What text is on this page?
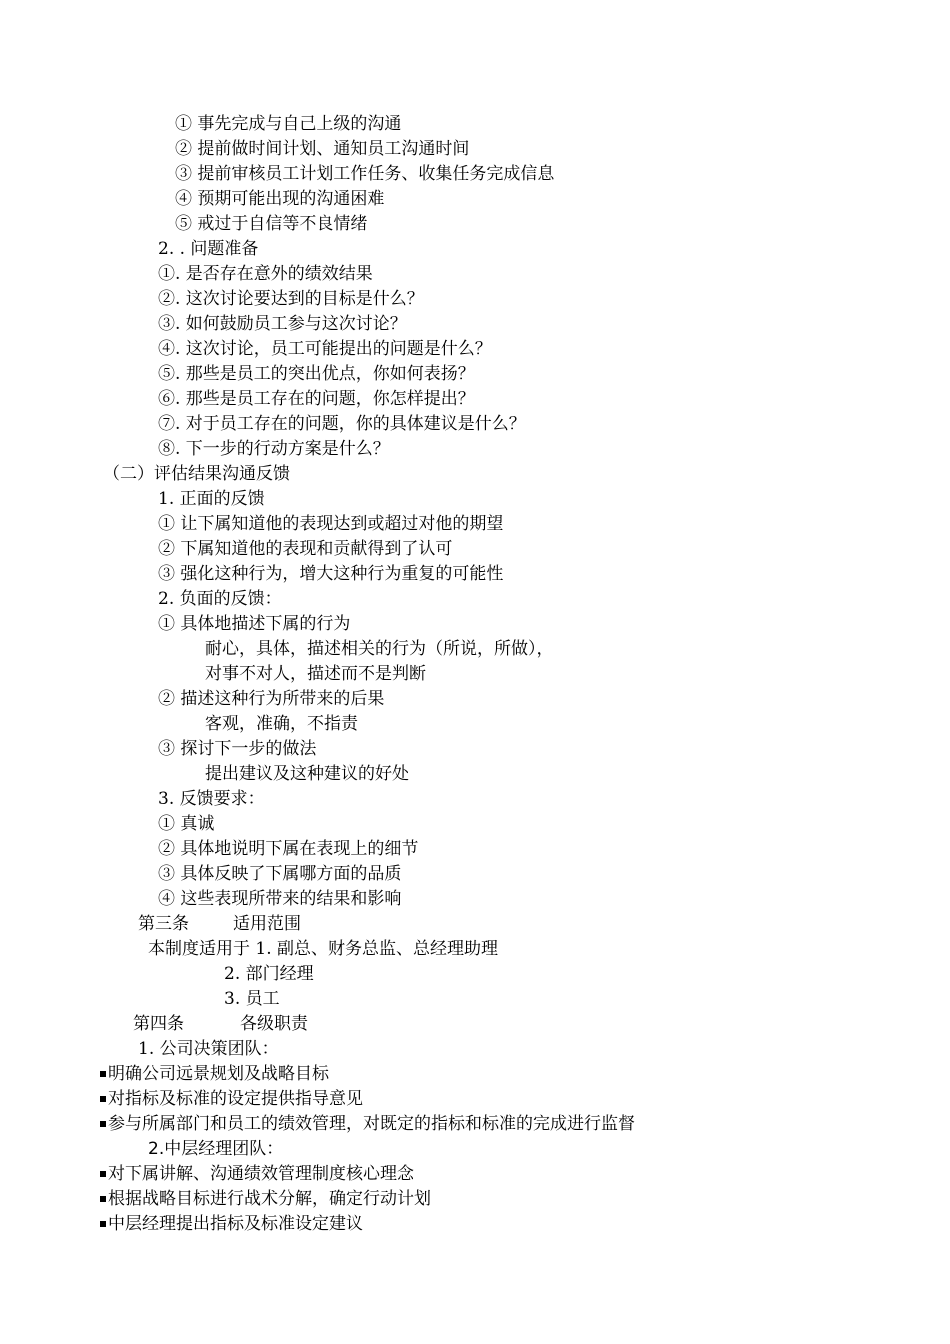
① 事先完成与自己上级的沟通
② 提前做时间计划、通知员工沟通时间
③ 提前审核员工计划工作任务、收集任务完成信息
④ 预期可能出现的沟通困难
⑤ 戒过于自信等不良情绪
2. . 问题准备
①. 是否存在意外的绩效结果
②. 这次讨论要达到的目标是什么？
③. 如何鼓励员工参与这次讨论？
④. 这次讨论，员工可能提出的问题是什么？
⑤. 那些是员工的突出优点，你如何表扬？
⑥. 那些是员工存在的问题，你怎样提出？
⑦. 对于员工存在的问题，你的具体建议是什么？
⑧. 下一步的行动方案是什么？
（二）评估结果沟通反馈
1. 正面的反馈
① 让下属知道他的表现达到或超过对他的期望
② 下属知道他的表现和贡献得到了认可
③ 强化这种行为，增大这种行为重复的可能性
2. 负面的反馈：
① 具体地描述下属的行为
耐心，具体，描述相关的行为（所说，所做），
对事不对人，描述而不是判断
② 描述这种行为所带来的后果
客观，准确，不指责
③ 探讨下一步的做法
提出建议及这种建议的好处
3. 反馈要求：
① 真诚
② 具体地说明下属在表现上的细节
③ 具体反映了下属哪方面的品质
④ 这些表现所带来的结果和影响
第三条	适用范围
本制度适用于 1. 副总、财务总监、总经理助理
2. 部门经理
3. 员工
第四条	各级职责
1. 公司决策团队：
明确公司远景规划及战略目标
对指标及标准的设定提供指导意见
参与所属部门和员工的绩效管理，对既定的指标和标准的完成进行监督
2.中层经理团队：
对下属讲解、沟通绩效管理制度核心理念
根据战略目标进行战术分解，确定行动计划
中层经理提出指标及标准设定建议
